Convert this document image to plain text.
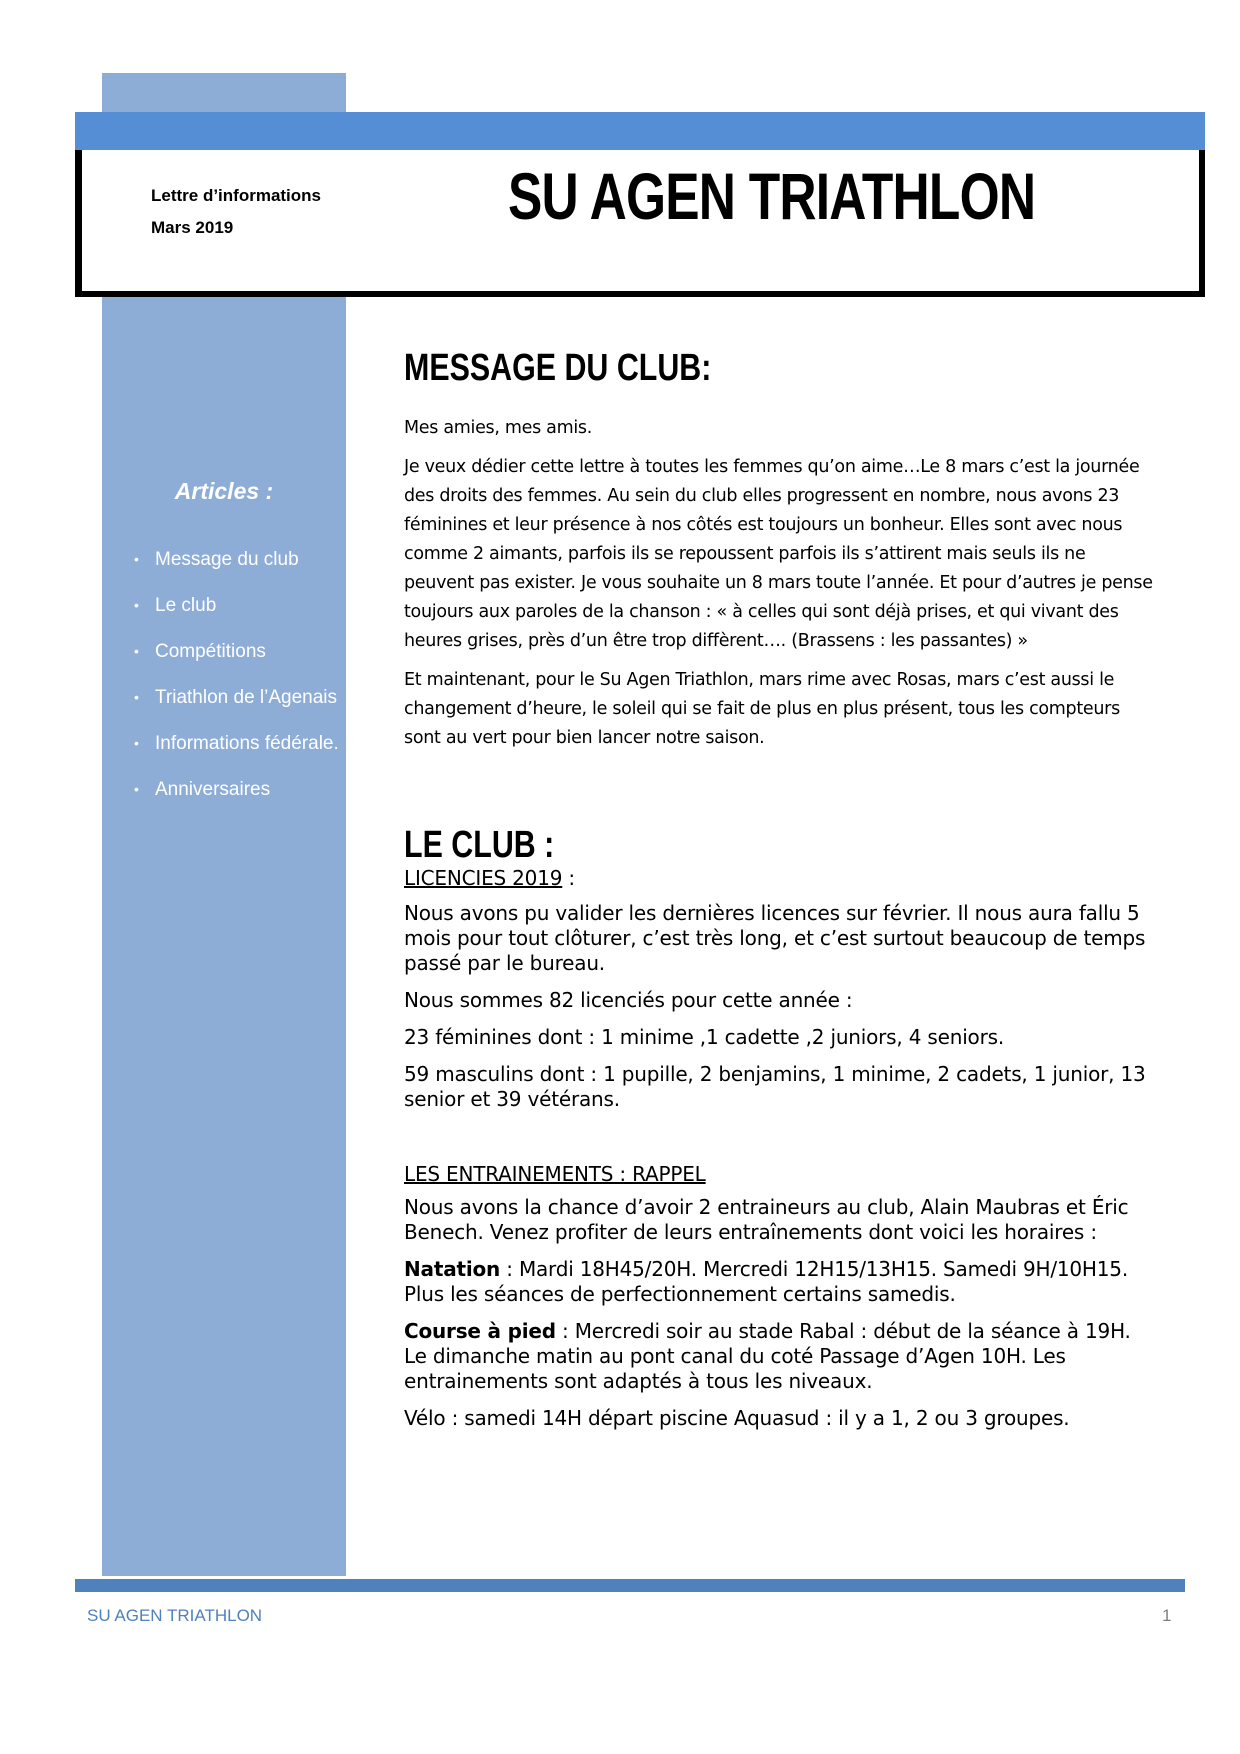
Lettre d’informations
Mars 2019	SU AGEN TRIATHLON
Articles :
• Message du club
• Le club
• Compétitions
• Triathlon de l’Agenais
• Informations fédérale.
• Anniversaires
MESSAGE DU CLUB:

Mes amies, mes amis.

Je veux dédier cette lettre à toutes les femmes qu’on aime…Le 8 mars c’est la journée des droits des femmes. Au sein du club elles progressent en nombre, nous avons 23 féminines et leur présence à nos côtés est toujours un bonheur. Elles sont avec nous comme 2 aimants, parfois ils se repoussent parfois ils s’attirent mais seuls ils ne peuvent pas exister. Je vous souhaite un 8 mars toute l’année. Et pour d’autres je pense toujours aux paroles de la chanson : « à celles qui sont déjà prises, et qui vivant des heures grises, près d’un être trop diffèrent…. (Brassens : les passantes) »

Et maintenant, pour le Su Agen Triathlon, mars rime avec Rosas, mars c’est aussi le changement d’heure, le soleil qui se fait de plus en plus présent, tous les compteurs sont au vert pour bien lancer notre saison.

LE CLUB :

LICENCIES 2019 :

Nous avons pu valider les dernières licences sur février. Il nous aura fallu 5 mois pour tout clôturer, c’est très long, et c’est surtout beaucoup de temps passé par le bureau.

Nous sommes 82 licenciés pour cette année :

23 féminines dont : 1 minime ,1 cadette ,2 juniors, 4 seniors.

59 masculins dont : 1 pupille, 2 benjamins, 1 minime, 2 cadets, 1 junior, 13 senior et 39 vétérans.

LES ENTRAINEMENTS : RAPPEL

Nous avons la chance d’avoir 2 entraineurs au club, Alain Maubras et Éric Benech. Venez profiter de leurs entraînements dont voici les horaires :

Natation : Mardi 18H45/20H. Mercredi 12H15/13H15. Samedi 9H/10H15. Plus les séances de perfectionnement certains samedis.

Course à pied : Mercredi soir au stade Rabal : début de la séance à 19H. Le dimanche matin au pont canal du coté Passage d’Agen 10H. Les entrainements sont adaptés à tous les niveaux.

Vélo : samedi 14H départ piscine Aquasud : il y a 1, 2 ou 3 groupes.

SU AGEN TRIATHLON	1
